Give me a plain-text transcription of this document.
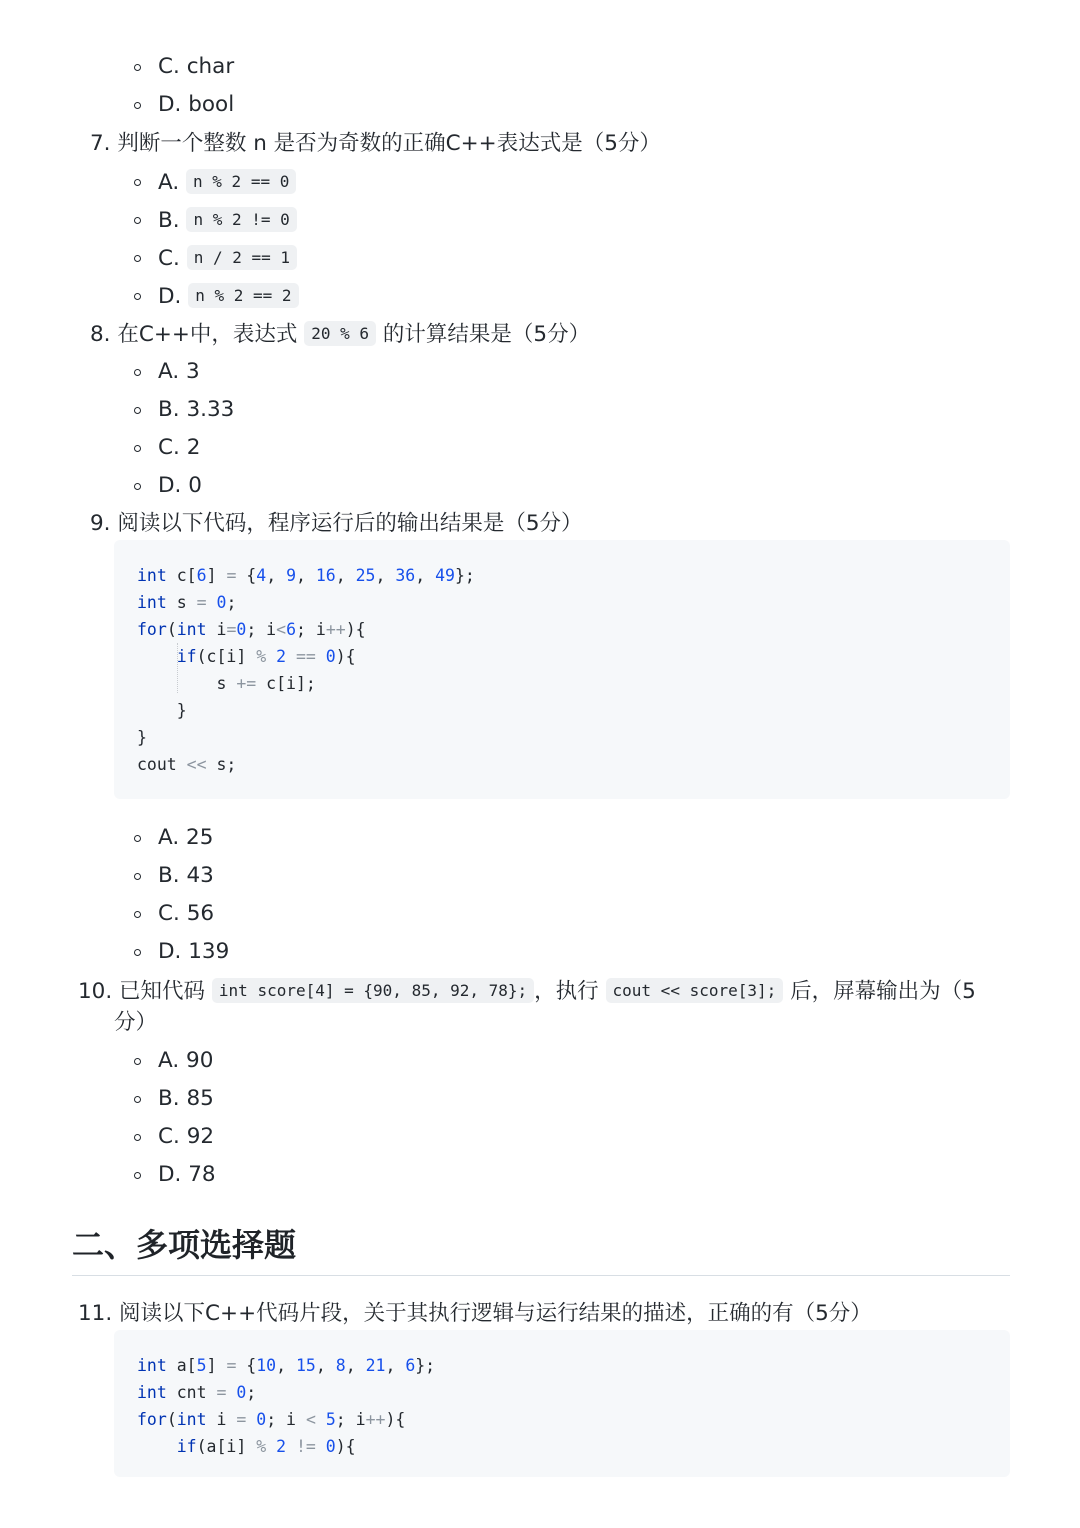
C. char
D. bool
7. 判断一个整数 n 是否为奇数的正确C++表达式是（5分）
A. n % 2 == 0
B. n % 2 != 0
C. n / 2 == 1
D. n % 2 == 2
8. 在C++中，表达式 20 % 6 的计算结果是（5分）
A. 3
B. 3.33
C. 2
D. 0
9. 阅读以下代码，程序运行后的输出结果是（5分）
int c[6] = {4, 9, 16, 25, 36, 49};
int s = 0;
for(int i=0; i<6; i++){
if(c[i] % 2 == 0){
s += c[i];
}
}
cout << s;
A. 25
B. 43
C. 56
D. 139
10. 已知代码 int score[4] = {90, 85, 92, 78}; ，执行 cout << score[3]; 后，屏幕输出为（5
分）
A. 90
B. 85
C. 92
D. 78
二、多项选择题
11. 阅读以下C++代码片段，关于其执行逻辑与运行结果的描述，正确的有（5分）
int a[5] = {10, 15, 8, 21, 6};
int cnt = 0;
for(int i = 0; i < 5; i++){
if(a[i] % 2 != 0){
